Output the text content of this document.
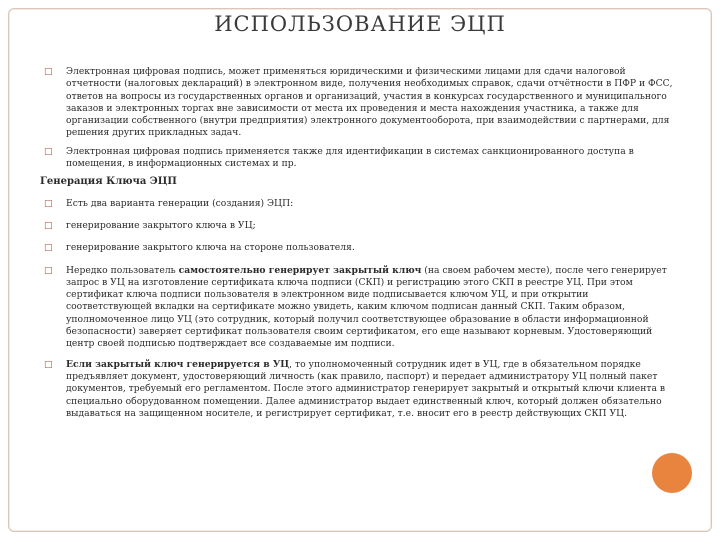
ИСПОЛЬЗОВАНИЕ ЭЦП
□ Электронная цифровая подпись, может применяться юридическими и физическими лицами для сдачи налоговой отчетности (налоговых деклараций) в электронном виде, получения необходимых справок, сдачи отчётности в ПФР и ФСС, ответов на вопросы из государственных органов и организаций, участия в конкурсах государственного и муниципального заказов и электронных торгах вне зависимости от места их проведения и места нахождения участника, а также для организации собственного (внутри предприятия) электронного документооборота, при взаимодействии с партнерами, для решения других прикладных задач.
□ Электронная цифровая подпись применяется также для идентификации в системах санкционированного доступа в помещения, в информационных системах и пр.
Генерация Ключа ЭЦП
□ Есть два варианта генерации (создания) ЭЦП:
□ генерирование закрытого ключа в УЦ;
□ генерирование закрытого ключа на стороне пользователя.
□ Нередко пользователь самостоятельно генерирует закрытый ключ (на своем рабочем месте), после чего генерирует запрос в УЦ на изготовление сертификата ключа подписи (СКП) и регистрацию этого СКП в реестре УЦ. При этом сертификат ключа подписи пользователя в электронном виде подписывается ключом УЦ, и при открытии соответствующей вкладки на сертификате можно увидеть, каким ключом подписан данный СКП. Таким образом, уполномоченное лицо УЦ (это сотрудник, который получил соответствующее образование в области информационной безопасности) заверяет сертификат пользователя своим сертификатом, его еще называют корневым. Удостоверяющий центр своей подписью подтверждает все создаваемые им подписи.
□ Если закрытый ключ генерируется в УЦ, то уполномоченный сотрудник идет в УЦ, где в обязательном порядке предъявляет документ, удостоверяющий личность (как правило, паспорт) и передает администратору УЦ полный пакет документов, требуемый его регламентом. После этого администратор генерирует закрытый и открытый ключи клиента в специально оборудованном помещении. Далее администратор выдает единственный ключ, который должен обязательно выдаваться на защищенном носителе, и регистрирует сертификат, т.е. вносит его в реестр действующих СКП УЦ.
